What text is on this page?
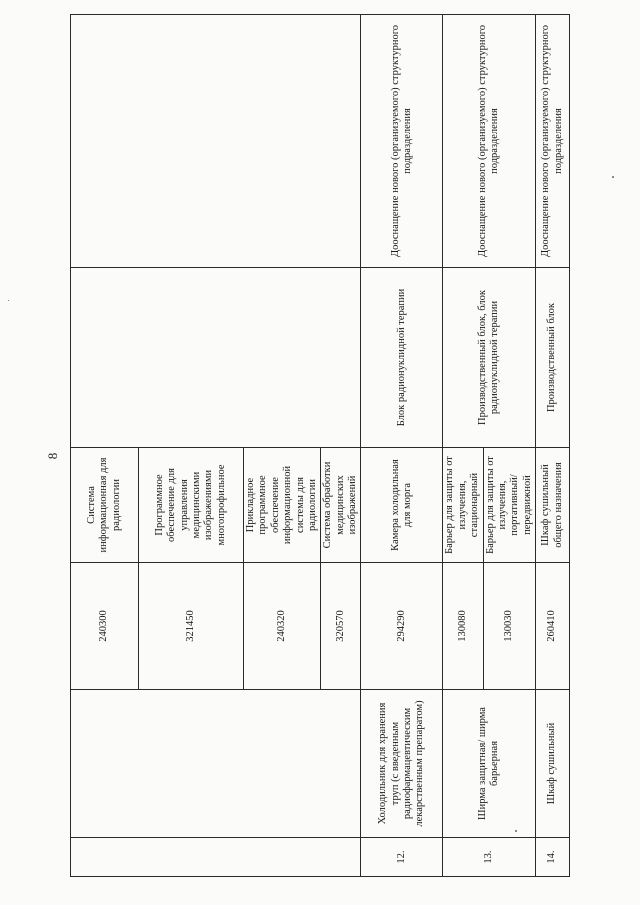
8
		240300	Система информационная для радиологии		
		321450	Программное обеспечение для управления медицинскими изображениями многопрофильное		
		240320	Прикладное программное обеспечение информационной системы для радиологии		
		320570	Система обработки медицинских изображений		
12.	Холодильник для хранения труп (с введенным радиофармацевтическим лекарственным препаратом)	294290	Камера холодильная для морга	Блок радионуклидной терапии	Дооснащение нового (организуемого) структурного подразделения
13.	Ширма защитная/ ширма барьерная	130080	Барьер для защиты от излучения, стационарный	Производственный блок, блок радионуклидной терапии	Дооснащение нового (организуемого) структурного подразделения
		130030	Барьер для защиты от излучения, портативный/ передвижной		
14.	Шкаф сушильный	260410	Шкаф сушильный общего назначения	Производственный блок	Дооснащение нового (организуемого) структурного подразделения
